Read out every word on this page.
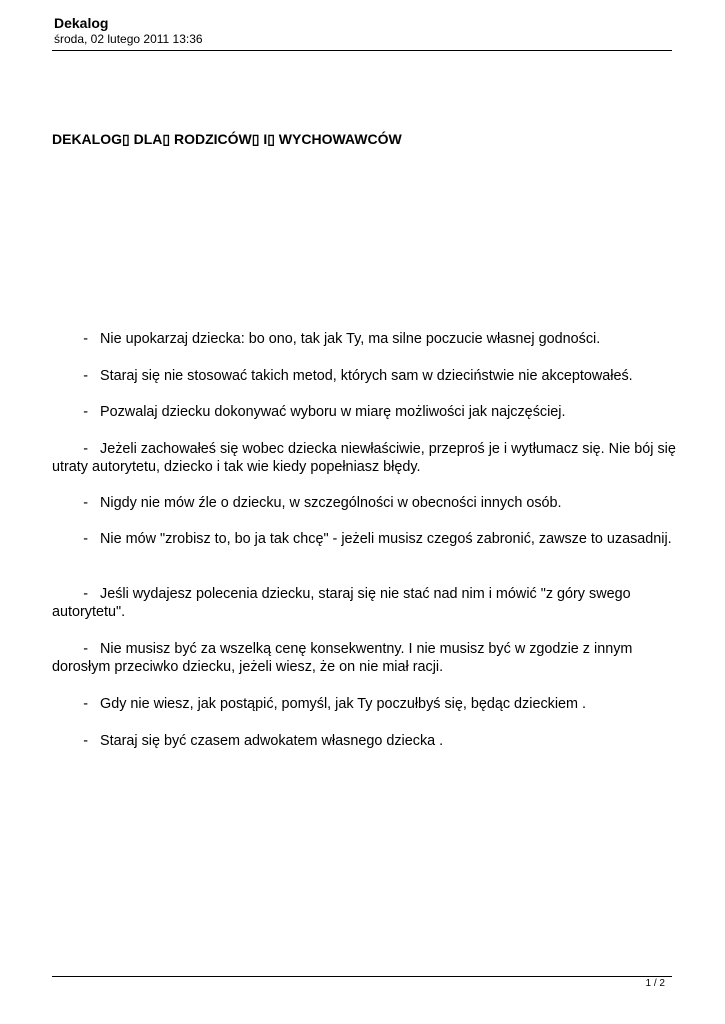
Dekalog
środa, 02 lutego 2011 13:36
DEKALOG▯ DLA▯ RODZICÓW▯ I▯ WYCHOWAWCÓW
- Nie upokarzaj dziecka: bo ono, tak jak Ty, ma silne poczucie własnej godności.
- Staraj się nie stosować takich metod, których sam w dzieciństwie nie akceptowałeś.
- Pozwalaj dziecku dokonywać wyboru w miarę możliwości jak najczęściej.
- Jeżeli zachowałeś się wobec dziecka niewłaściwie, przeproś je i wytłumacz się. Nie bój się utraty autorytetu, dziecko i tak wie kiedy popełniasz błędy.
- Nigdy nie mów źle o dziecku, w szczególności w obecności innych osób.
- Nie mów "zrobisz to, bo ja tak chcę" - jeżeli musisz czegoś zabronić, zawsze to uzasadnij.
- Jeśli wydajesz polecenia dziecku, staraj się nie stać nad nim i mówić "z góry swego autorytetu".
- Nie musisz być za wszelką cenę konsekwentny. I nie musisz być w zgodzie z innym dorosłym przeciwko dziecku, jeżeli wiesz, że on nie miał racji.
- Gdy nie wiesz, jak postąpić, pomyśl, jak Ty poczułbyś się, będąc dzieckiem .
- Staraj się być czasem adwokatem własnego dziecka .
1 / 2
